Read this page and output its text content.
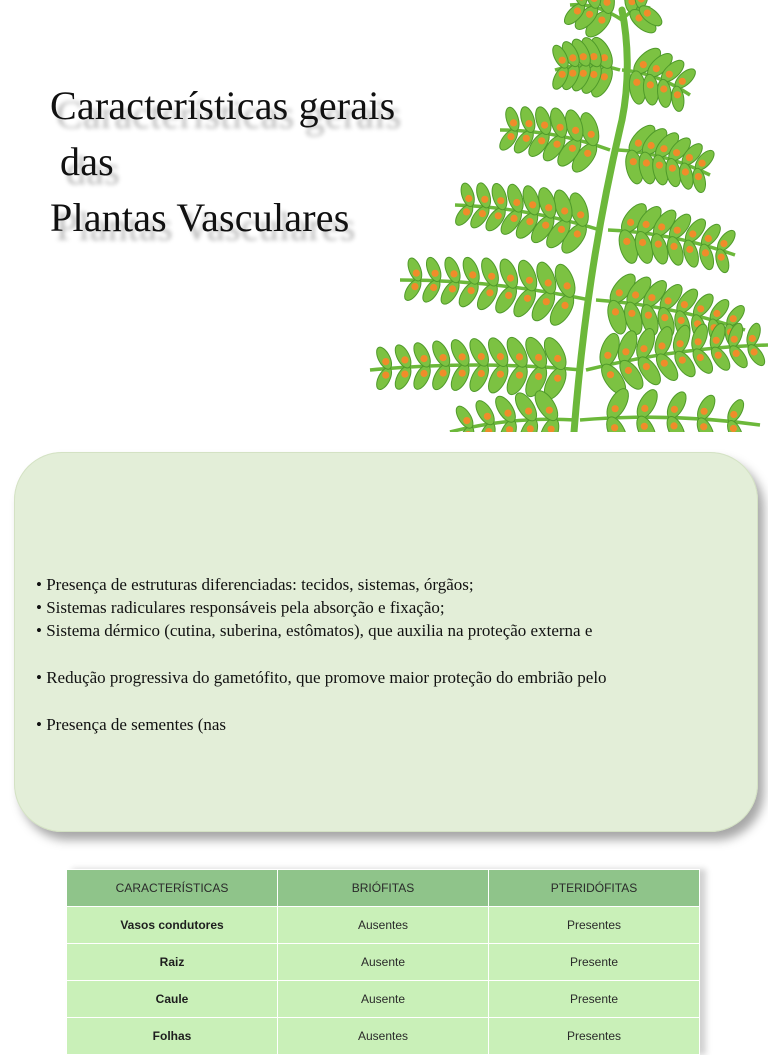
Características gerais
das
Plantas Vasculares
• Presença de estruturas diferenciadas: tecidos, sistemas, órgãos;
• Sistemas radiculares responsáveis pela absorção e fixação;
• Sistema dérmico (cutina, suberina, estômatos), que auxilia na proteção externa e
• Redução progressiva do gametófito, que promove maior proteção do embrião pelo
• Presença de sementes (nas
CARACTERÍSTICAS	BRIÓFITAS	PTERIDÓFITAS
Vasos condutores	Ausentes	Presentes
Raiz	Ausente	Presente
Caule	Ausente	Presente
Folhas	Ausentes	Presentes
